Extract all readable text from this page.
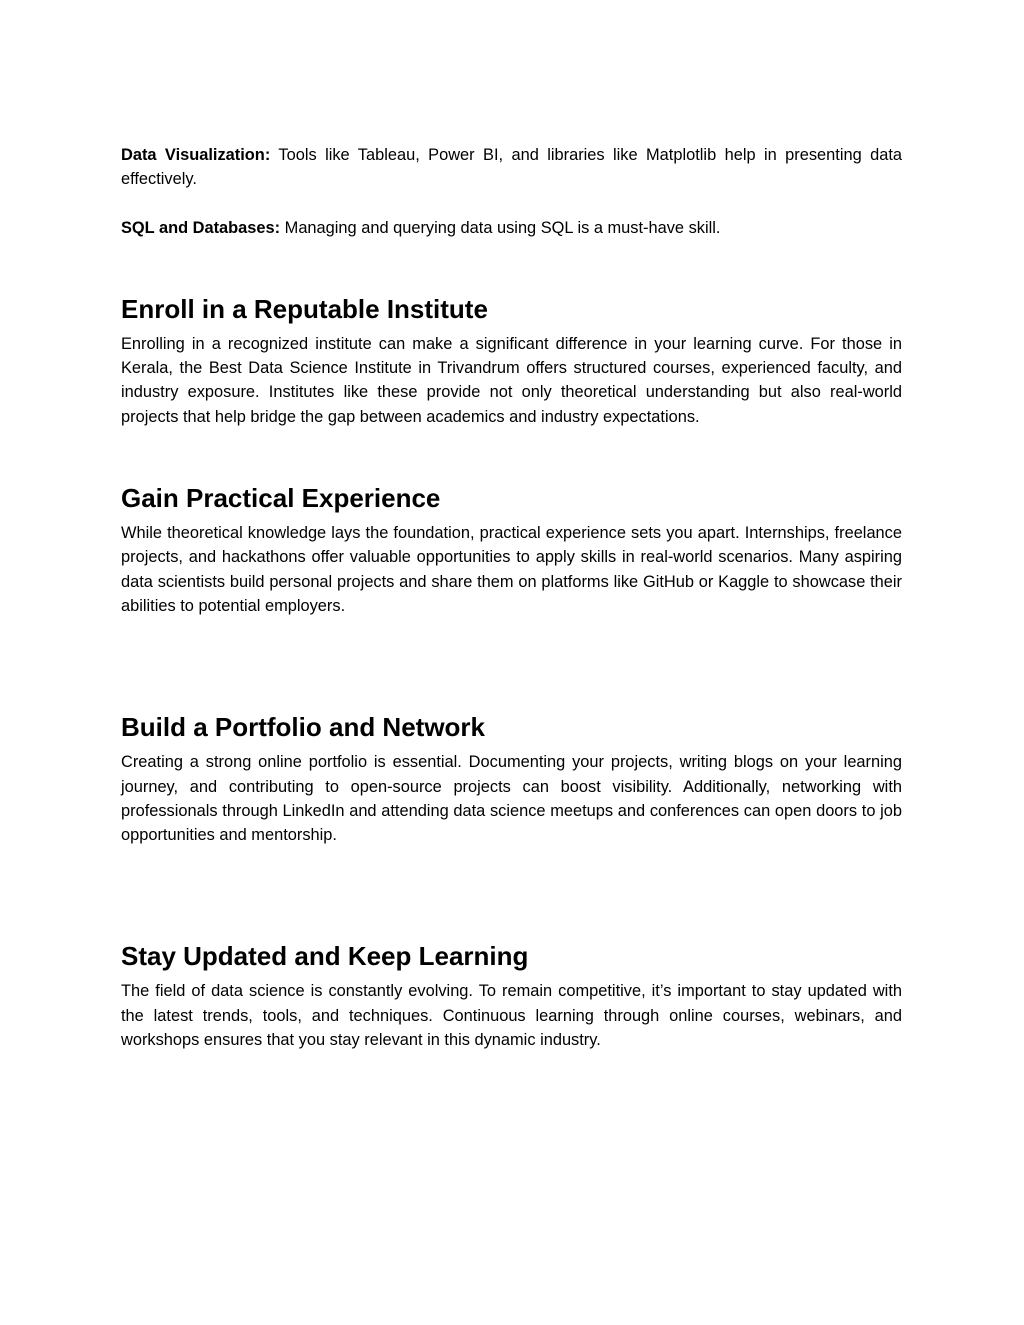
Data Visualization: Tools like Tableau, Power BI, and libraries like Matplotlib help in presenting data effectively.

SQL and Databases: Managing and querying data using SQL is a must-have skill.

Enroll in a Reputable Institute

Enrolling in a recognized institute can make a significant difference in your learning curve. For those in Kerala, the Best Data Science Institute in Trivandrum offers structured courses, experienced faculty, and industry exposure. Institutes like these provide not only theoretical understanding but also real-world projects that help bridge the gap between academics and industry expectations.

Gain Practical Experience

While theoretical knowledge lays the foundation, practical experience sets you apart. Internships, freelance projects, and hackathons offer valuable opportunities to apply skills in real-world scenarios. Many aspiring data scientists build personal projects and share them on platforms like GitHub or Kaggle to showcase their abilities to potential employers.

Build a Portfolio and Network

Creating a strong online portfolio is essential. Documenting your projects, writing blogs on your learning journey, and contributing to open-source projects can boost visibility. Additionally, networking with professionals through LinkedIn and attending data science meetups and conferences can open doors to job opportunities and mentorship.

Stay Updated and Keep Learning

The field of data science is constantly evolving. To remain competitive, it’s important to stay updated with the latest trends, tools, and techniques. Continuous learning through online courses, webinars, and workshops ensures that you stay relevant in this dynamic industry.
